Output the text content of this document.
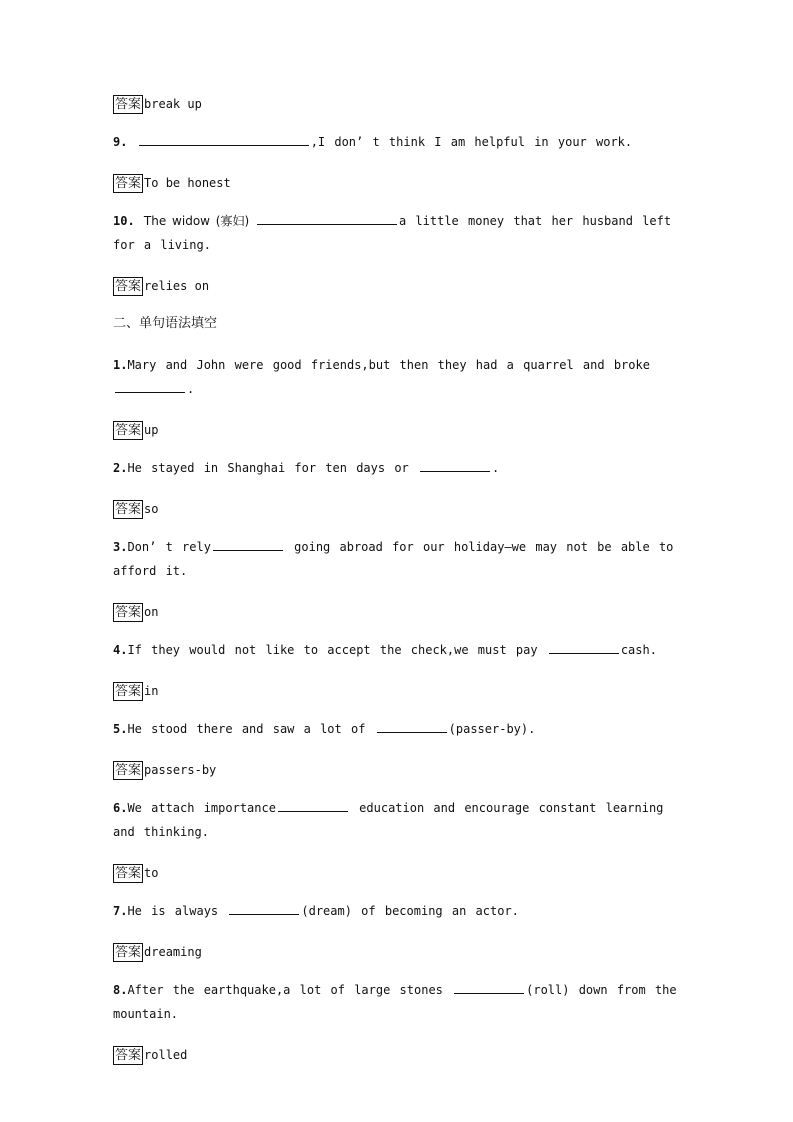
答案 break up
9.	,I don’ t think I am helpful in your work.
答案 To be honest
10. The widow (寡妇)	a little money that her husband left for a living.
答案 relies on
二、单句语法填空
1.Mary and John were good friends,but then they had a quarrel and broke.
答案 up
2.He stayed in Shanghai for ten days or	.
答案 so
3.Don’ t rely	going abroad for our holiday—we may not be able to afford it.
答案 on
4.If they would not like to accept the check,we must pay	cash.
答案 in
5.He stood there and saw a lot of	(passer-by).
答案 passers-by
6.We attach importance	education and encourage constant learning and thinking.
答案 to
7.He is always	(dream) of becoming an actor.
答案 dreaming
8.After the earthquake,a lot of large stones	(roll) down from the mountain.
答案 rolled
